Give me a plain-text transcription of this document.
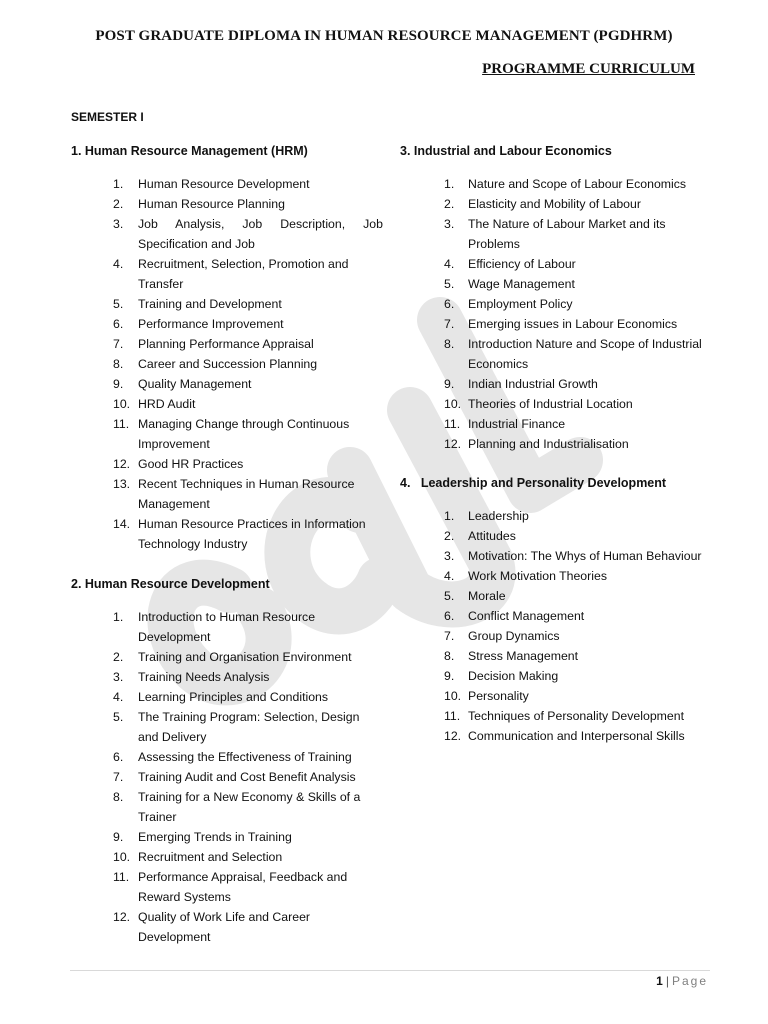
POST GRADUATE DIPLOMA IN HUMAN RESOURCE MANAGEMENT (PGDHRM)
PROGRAMME CURRICULUM
SEMESTER I
1. Human Resource Management (HRM)
1.	Human Resource Development
2.	Human Resource Planning
3.	Job Analysis, Job Description, Job Specification and Job
4.	Recruitment, Selection, Promotion and Transfer
5.	Training and Development
6.	Performance Improvement
7.	Planning Performance Appraisal
8.	Career and Succession Planning
9.	Quality Management
10. HRD Audit
11. Managing Change through Continuous Improvement
12. Good HR Practices
13. Recent Techniques in Human Resource Management
14. Human Resource Practices in Information Technology Industry
2. Human Resource Development
1.	Introduction to Human Resource Development
2.	Training and Organisation Environment
3.	Training Needs Analysis
4.	Learning Principles and Conditions
5.	The Training Program: Selection, Design and Delivery
6.	Assessing the Effectiveness of Training
7.	Training Audit and Cost Benefit Analysis
8.	Training for a New Economy & Skills of a Trainer
9.	Emerging Trends in Training
10. Recruitment and Selection
11. Performance Appraisal, Feedback and Reward Systems
12. Quality of Work Life and Career Development
3. Industrial and Labour Economics
1.	Nature and Scope of Labour Economics
2.	Elasticity and Mobility of Labour
3.	The Nature of Labour Market and its Problems
4.	Efficiency of Labour
5.	Wage Management
6.	Employment Policy
7.	Emerging issues in Labour Economics
8.	Introduction Nature and Scope of Industrial Economics
9.	Indian Industrial Growth
10. Theories of Industrial Location
11. Industrial Finance
12. Planning and Industrialisation
4.   Leadership and Personality Development
1.	Leadership
2.	Attitudes
3.	Motivation: The Whys of Human Behaviour
4.	Work Motivation Theories
5.	Morale
6.	Conflict Management
7.	Group Dynamics
8.	Stress Management
9.	Decision Making
10. Personality
11. Techniques of Personality Development
12. Communication and Interpersonal Skills
1 | Page
